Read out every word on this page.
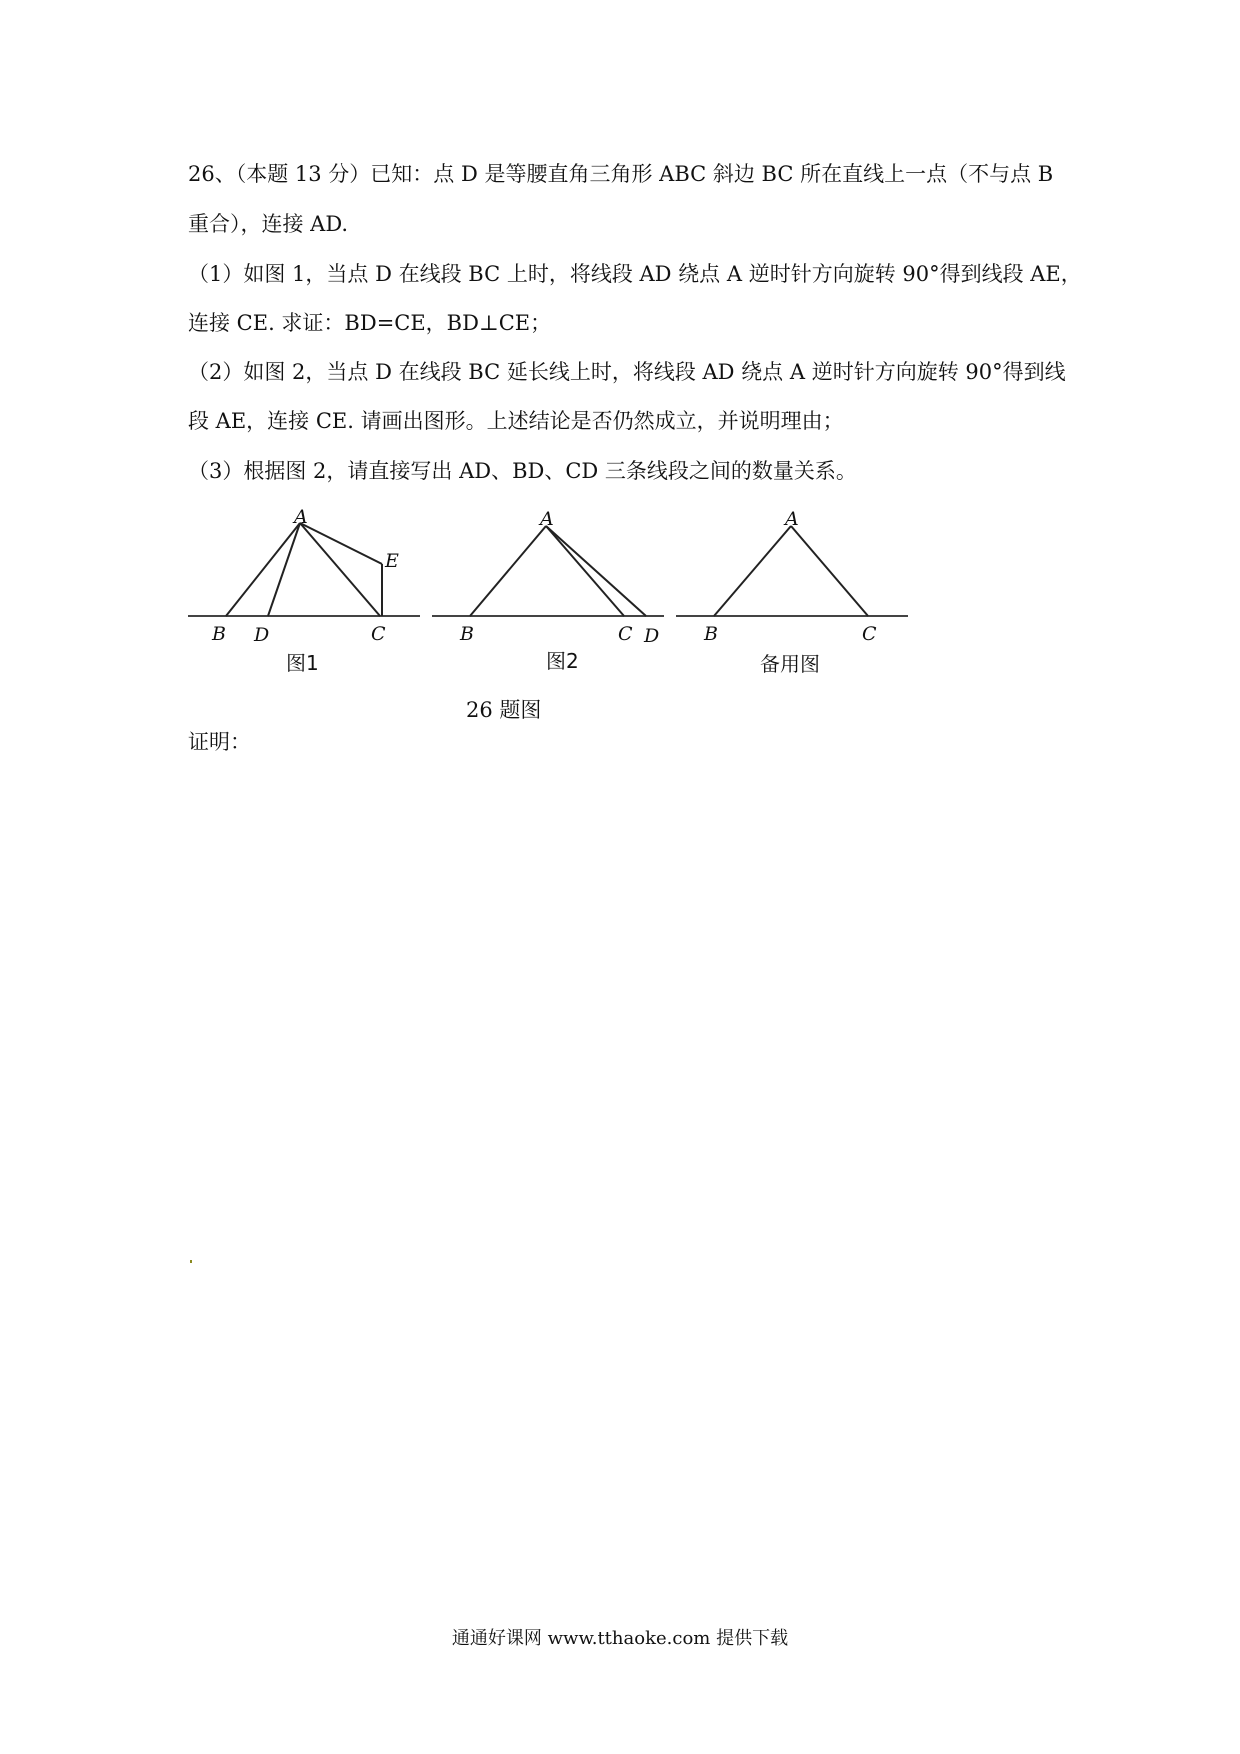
26、（本题 13 分）已知：点 D 是等腰直角三角形 ABC 斜边 BC 所在直线上一点（不与点 B
重合），连接 AD.
（1）如图 1，当点 D 在线段 BC 上时，将线段 AD 绕点 A 逆时针方向旋转 90°得到线段 AE，
连接 CE. 求证：BD=CE，BD⊥CE；
（2）如图 2，当点 D 在线段 BC 延长线上时，将线段 AD 绕点 A 逆时针方向旋转 90°得到线
段 AE，连接 CE. 请画出图形。上述结论是否仍然成立，并说明理由；
（3）根据图 2，请直接写出 AD、BD、CD 三条线段之间的数量关系。
A
E
B D	C
图1
A
B	C D
图2
A
B	C
备用图
26 题图
证明：
通通好课网 www.tthaoke.com 提供下载
